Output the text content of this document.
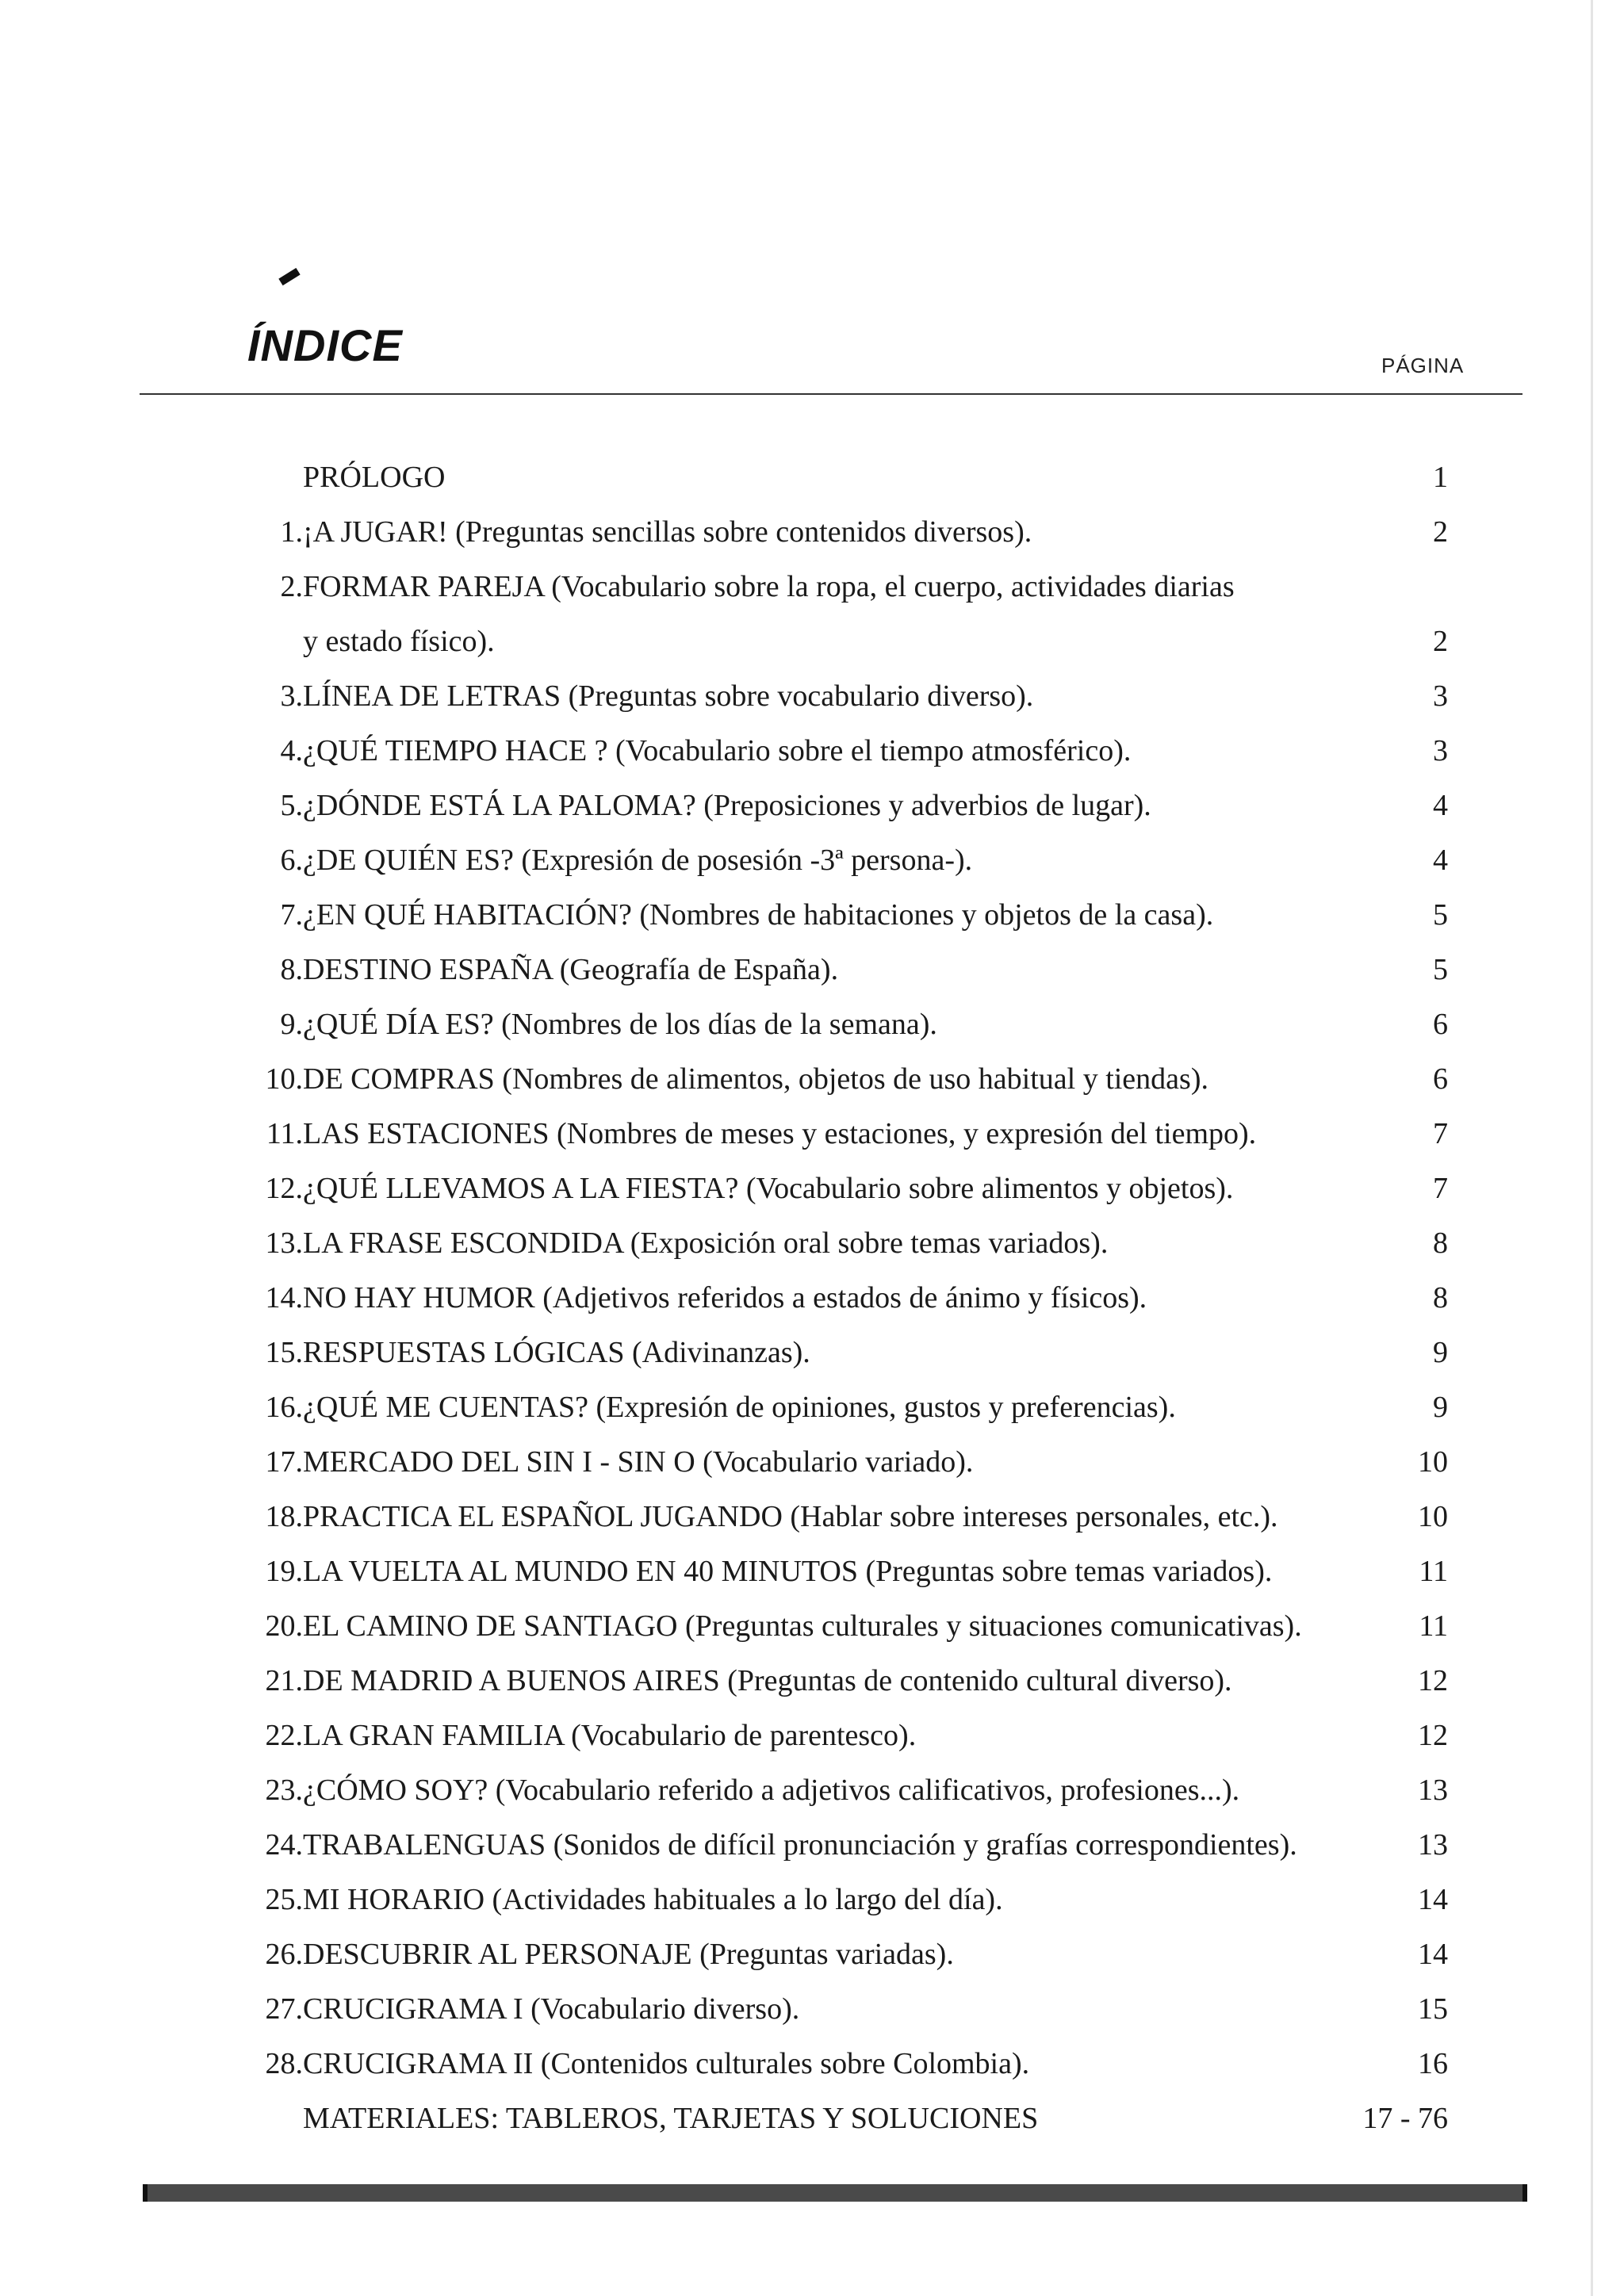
ÍNDICE	PÁGINA
PRÓLOGO	1
1. ¡A JUGAR! (Preguntas sencillas sobre contenidos diversos).	2
2. FORMAR PAREJA (Vocabulario sobre la ropa, el cuerpo, actividades diarias
y estado físico).	2
3. LÍNEA DE LETRAS (Preguntas sobre vocabulario diverso).	3
4. ¿QUÉ TIEMPO HACE ? (Vocabulario sobre el tiempo atmosférico).	3
5. ¿DÓNDE ESTÁ LA PALOMA? (Preposiciones y adverbios de lugar).	4
6. ¿DE QUIÉN ES? (Expresión de posesión -3ª persona-).	4
7. ¿EN QUÉ HABITACIÓN? (Nombres de habitaciones y objetos de la casa).	5
8. DESTINO ESPAÑA (Geografía de España).	5
9. ¿QUÉ DÍA ES? (Nombres de los días de la semana).	6
10. DE COMPRAS (Nombres de alimentos, objetos de uso habitual y tiendas).	6
11. LAS ESTACIONES (Nombres de meses y estaciones, y expresión del tiempo).	7
12. ¿QUÉ LLEVAMOS A LA FIESTA? (Vocabulario sobre alimentos y objetos).	7
13. LA FRASE ESCONDIDA (Exposición oral sobre temas variados).	8
14. NO HAY HUMOR (Adjetivos referidos a estados de ánimo y físicos).	8
15. RESPUESTAS LÓGICAS (Adivinanzas).	9
16. ¿QUÉ ME CUENTAS? (Expresión de opiniones, gustos y preferencias).	9
17. MERCADO DEL SIN I - SIN O (Vocabulario variado).	10
18. PRACTICA EL ESPAÑOL JUGANDO (Hablar sobre intereses personales, etc.).	10
19. LA VUELTA AL MUNDO EN 40 MINUTOS (Preguntas sobre temas variados).	11
20. EL CAMINO DE SANTIAGO (Preguntas culturales y situaciones comunicativas).	11
21. DE MADRID A BUENOS AIRES (Preguntas de contenido cultural diverso).	12
22. LA GRAN FAMILIA (Vocabulario de parentesco).	12
23. ¿CÓMO SOY? (Vocabulario referido a adjetivos calificativos, profesiones...).	13
24. TRABALENGUAS (Sonidos de difícil pronunciación y grafías correspondientes).	13
25. MI HORARIO (Actividades habituales a lo largo del día).	14
26. DESCUBRIR AL PERSONAJE (Preguntas variadas).	14
27. CRUCIGRAMA I (Vocabulario diverso).	15
28. CRUCIGRAMA II (Contenidos culturales sobre Colombia).	16
MATERIALES: TABLEROS, TARJETAS Y SOLUCIONES	17 - 76
